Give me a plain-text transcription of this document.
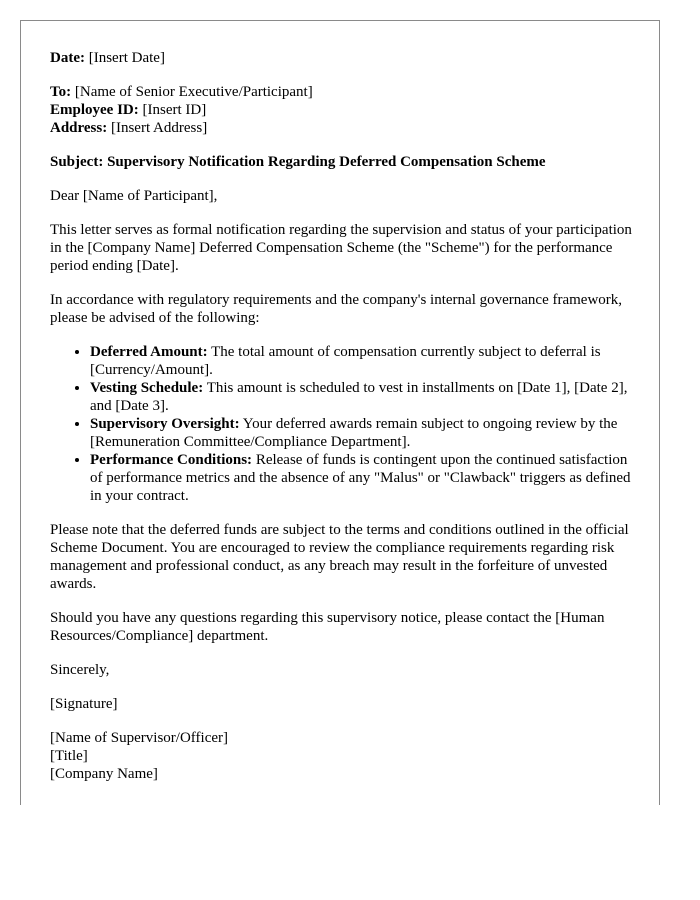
Date: [Insert Date]

To: [Name of Senior Executive/Participant]

Employee ID: [Insert ID]

Address: [Insert Address]

Subject: Supervisory Notification Regarding Deferred Compensation Scheme

Dear [Name of Participant],

This letter serves as formal notification regarding the supervision and status of your participation in the [Company Name] Deferred Compensation Scheme (the "Scheme") for the performance period ending [Date].

In accordance with regulatory requirements and the company's internal governance framework, please be advised of the following:

• Deferred Amount: The total amount of compensation currently subject to deferral is [Currency/Amount].
• Vesting Schedule: This amount is scheduled to vest in installments on [Date 1], [Date 2], and [Date 3].
• Supervisory Oversight: Your deferred awards remain subject to ongoing review by the [Remuneration Committee/Compliance Department].
• Performance Conditions: Release of funds is contingent upon the continued satisfaction of performance metrics and the absence of any "Malus" or "Clawback" triggers as defined in your contract.

Please note that the deferred funds are subject to the terms and conditions outlined in the official Scheme Document. You are encouraged to review the compliance requirements regarding risk management and professional conduct, as any breach may result in the forfeiture of unvested awards.

Should you have any questions regarding this supervisory notice, please contact the [Human Resources/Compliance] department.

Sincerely,

[Signature]

[Name of Supervisor/Officer]

[Title]

[Company Name]
